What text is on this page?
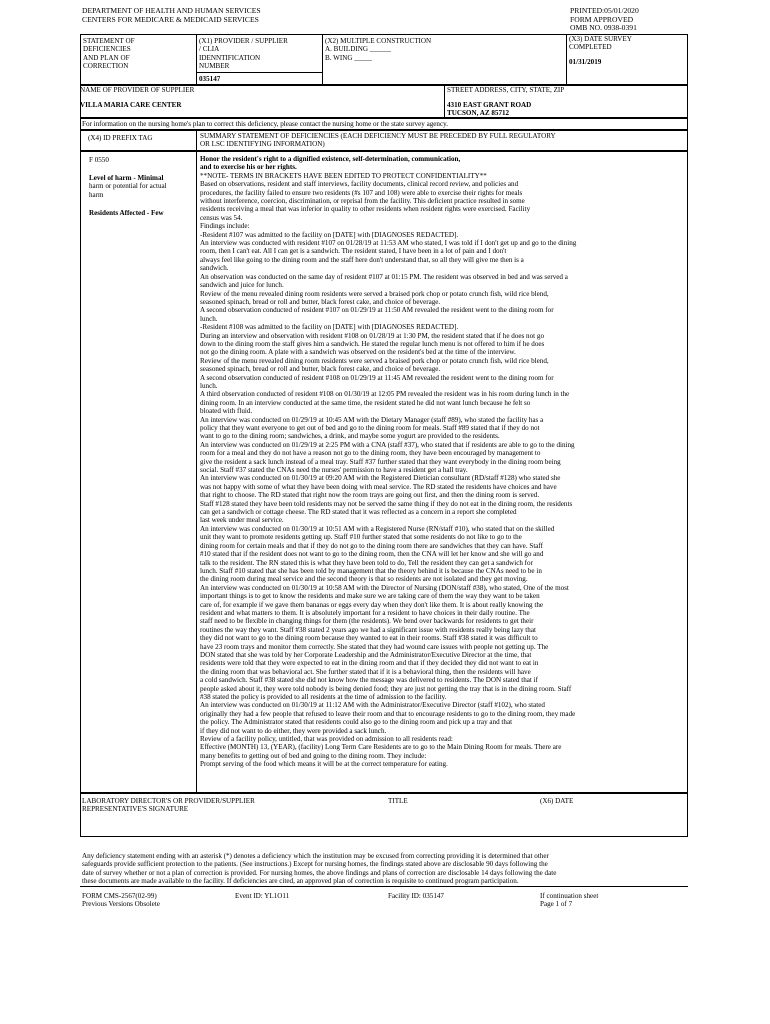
DEPARTMENT OF HEALTH AND HUMAN SERVICES
CENTERS FOR MEDICARE & MEDICAID SERVICES
PRINTED:05/01/2020
FORM APPROVED
OMB NO. 0938-0391
STATEMENT OF
DEFICIENCIES
AND PLAN OF
CORRECTION
(X1) PROVIDER / SUPPLIER
/ CLIA
IDENNTIFICATION
NUMBER
035147
(X2) MULTIPLE CONSTRUCTION
A. BUILDING ______
B. WING _____
(X3) DATE SURVEY
COMPLETED
01/31/2019
NAME OF PROVIDER OF SUPPLIER
VILLA MARIA CARE CENTER
STREET ADDRESS, CITY, STATE, ZIP
4310 EAST GRANT ROAD
TUCSON, AZ 85712
For information on the nursing home's plan to correct this deficiency, please contact the nursing home or the state survey agency.
(X4) ID PREFIX TAG	SUMMARY STATEMENT OF DEFICIENCIES (EACH DEFICIENCY MUST BE PRECEDED BY FULL REGULATORY
OR LSC IDENTIFYING INFORMATION)
F 0550
Level of harm - Minimal
harm or potential for actual
harm
Residents Affected - Few
Honor the resident's right to a dignified existence, self-determination, communication,
and to exercise his or her rights.
**NOTE- TERMS IN BRACKETS HAVE BEEN EDITED TO PROTECT CONFIDENTIALITY**
Based on observations, resident and staff interviews, facility documents, clinical record review, and policies and
procedures, the facility failed to ensure two residents (#s 107 and 108) were able to exercise their rights for meals
without interference, coercion, discrimination, or reprisal from the facility. This deficient practice resulted in some
residents receiving a meal that was inferior in quality to other residents when resident rights were exercised. Facility
census was 54.
Findings include:
-Resident #107 was admitted to the facility on [DATE] with [DIAGNOSES REDACTED].
An interview was conducted with resident #107 on 01/28/19 at 11:53 AM who stated, I was told if I don't get up and go to the dining
room, then I can't eat. All I can get is a sandwich. The resident stated, I have been in a lot of pain and I don't
always feel like going to the dining room and the staff here don't understand that, so all they will give me then is a
sandwich.
An observation was conducted on the same day of resident #107 at 01:15 PM. The resident was observed in bed and was served a
sandwich and juice for lunch.
Review of the menu revealed dining room residents were served a braised pork chop or potato crunch fish, wild rice blend,
seasoned spinach, bread or roll and butter, black forest cake, and choice of beverage.
A second observation conducted of resident #107 on 01/29/19 at 11:50 AM revealed the resident went to the dining room for
lunch.
-Resident #108 was admitted to the facility on [DATE] with [DIAGNOSES REDACTED].
During an interview and observation with resident #108 on 01/28/19 at 1:30 PM, the resident stated that if he does not go
down to the dining room the staff gives him a sandwich. He stated the regular lunch menu is not offered to him if he does
not go the dining room. A plate with a sandwich was observed on the resident's bed at the time of the interview.
Review of the menu revealed dining room residents were served a braised pork chop or potato crunch fish, wild rice blend,
seasoned spinach, bread or roll and butter, black forest cake, and choice of beverage.
A second observation conducted of resident #108 on 01/29/19 at 11:45 AM revealed the resident went to the dining room for
lunch.
A third observation conducted of resident #108 on 01/30/19 at 12:05 PM revealed the resident was in his room during lunch in the
dining room. In an interview conducted at the same time, the resident stated he did not want lunch because he felt so
bloated with fluid.
An interview was conducted on 01/29/19 at 10:45 AM with the Dietary Manager (staff #89), who stated the facility has a
policy that they want everyone to get out of bed and go to the dining room for meals. Staff #89 stated that if they do not
want to go to the dining room; sandwiches, a drink, and maybe some yogurt are provided to the residents.
An interview was conducted on 01/29/19 at 2:25 PM with a CNA (staff #37), who stated that if residents are able to go to the dining
room for a meal and they do not have a reason not go to the dining room, they have been encouraged by management to
give the resident a sack lunch instead of a meal tray. Staff #37 further stated that they want everybody in the dining room being
social. Staff #37 stated the CNAs need the nurses' permission to have a resident get a hall tray.
An interview was conducted on 01/30/19 at 09:20 AM with the Registered Dietician consultant (RD/staff #128) who stated she
was not happy with some of what they have been doing with meal service. The RD stated the residents have choices and have
that right to choose. The RD stated that right now the room trays are going out first, and then the dining room is served.
Staff #128 stated they have been told residents may not be served the same thing if they do not eat in the dining room, the residents
can get a sandwich or cottage cheese. The RD stated that it was reflected as a concern in a report she completed
last week under meal service.
An interview was conducted on 01/30/19 at 10:51 AM with a Registered Nurse (RN/staff #10), who stated that on the skilled
unit they want to promote residents getting up. Staff #10 further stated that some residents do not like to go to the
dining room for certain meals and that if they do not go to the dining room there are sandwiches that they can have. Staff
#10 stated that if the resident does not want to go to the dining room, then the CNA will let her know and she will go and
talk to the resident. The RN stated this is what they have been told to do, Tell the resident they can get a sandwich for
lunch. Staff #10 stated that she has been told by management that the theory behind it is because the CNAs need to be in
the dining room during meal service and the second theory is that so residents are not isolated and they get moving.
An interview was conducted on 01/30/19 at 10:58 AM with the Director of Nursing (DON/staff #38), who stated, One of the most
important things is to get to know the residents and make sure we are taking care of them the way they want to be taken
care of, for example if we gave them bananas or eggs every day when they don't like them. It is about really knowing the
resident and what matters to them. It is absolutely important for a resident to have choices in their daily routine. The
staff need to be flexible in changing things for them (the residents). We bend over backwards for residents to get their
routines the way they want. Staff #38 stated 2 years ago we had a significant issue with residents really being lazy that
they did not want to go to the dining room because they wanted to eat in their rooms. Staff #38 stated it was difficult to
have 23 room trays and monitor them correctly. She stated that they had wound care issues with people not getting up. The
DON stated that she was told by her Corporate Leadership and the Administrator/Executive Director at the time, that
residents were told that they were expected to eat in the dining room and that if they decided they did not want to eat in
the dining room that was behavioral act. She further stated that if it is a behavioral thing, then the residents will have
a cold sandwich. Staff #38 stated she did not know how the message was delivered to residents. The DON stated that if
people asked about it, they were told nobody is being denied food; they are just not getting the tray that is in the dining room. Staff
#38 stated the policy is provided to all residents at the time of admission to the facility.
An interview was conducted on 01/30/19 at 11:12 AM with the Administrator/Executive Director (staff #102), who stated
originally they had a few people that refused to leave their room and that to encourage residents to go to the dining room, they made
the policy. The Administrator stated that residents could also go to the dining room and pick up a tray and that
if they did not want to do either, they were provided a sack lunch.
Review of a facility policy, untitled, that was provided on admission to all residents read:
Effective (MONTH) 13, (YEAR), (facility) Long Term Care Residents are to go to the Main Dining Room for meals. There are
many benefits to getting out of bed and going to the dining room. They include:
Prompt serving of the food which means it will be at the correct temperature for eating.
LABORATORY DIRECTOR'S OR PROVIDER/SUPPLIER
REPRESENTATIVE'S SIGNATURE
TITLE	(X6) DATE
Any deficiency statement ending with an asterisk (*) denotes a deficiency which the institution may be excused from correcting providing it is determined that other
safeguards provide sufficient protection to the patients. (See instructions.) Except for nursing homes, the findings stated above are disclosable 90 days following the
date of survey whether or not a plan of correction is provided. For nursing homes, the above findings and plans of correction are disclosable 14 days following the date
these documents are made available to the facility. If deficiencies are cited, an approved plan of correction is requisite to continued program participation.
FORM CMS-2567(02-99)
Previous Versions Obsolete
Event ID: YL1O11	Facility ID: 035147	If continuation sheet
Page 1 of 7
